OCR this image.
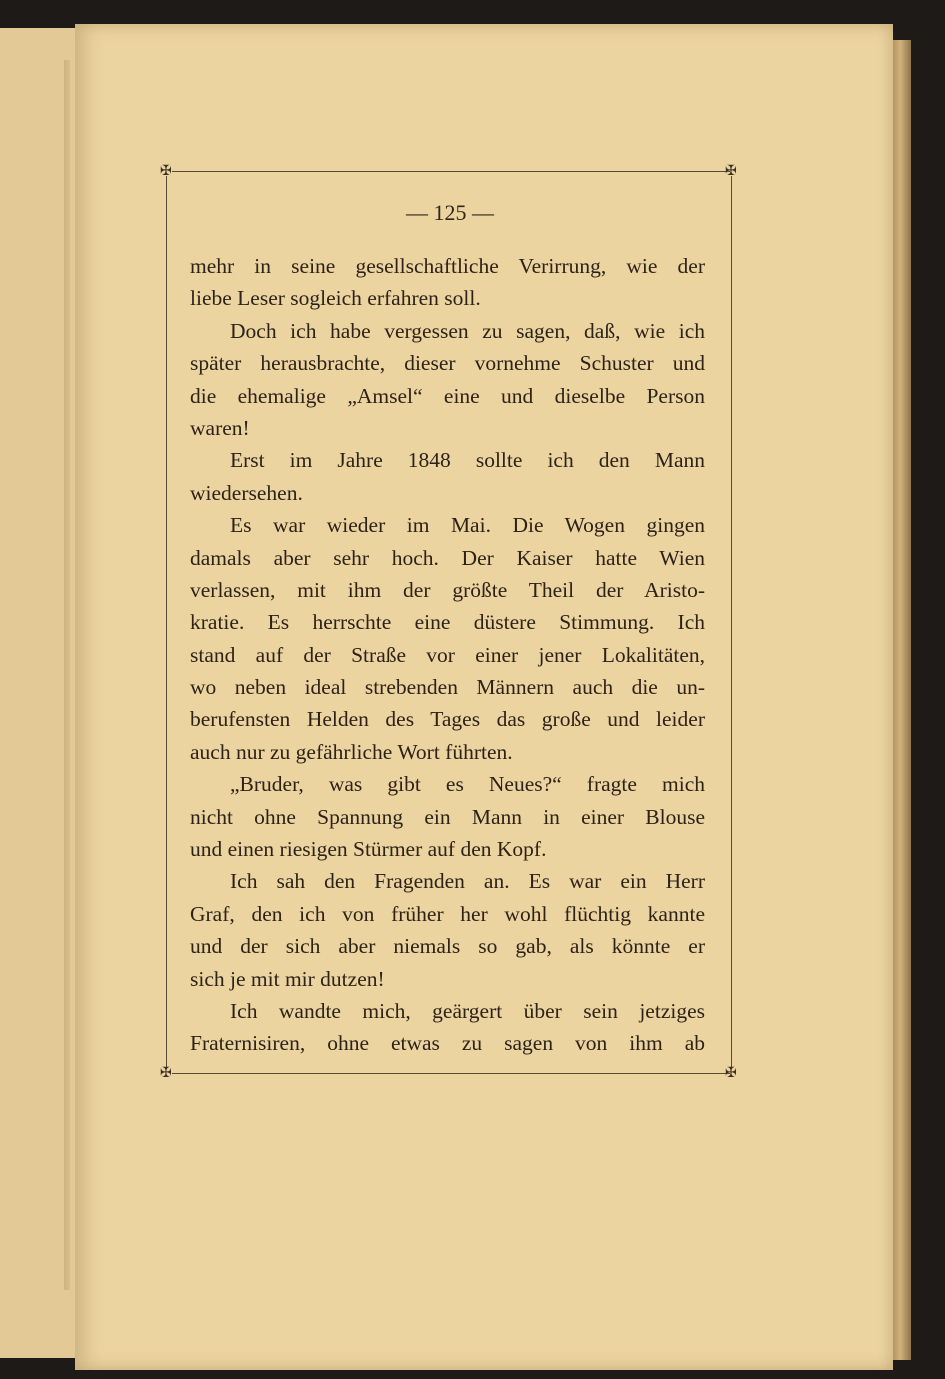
✠	✠
✠	✠
— 125 —
mehr in seine gesellschaftliche Verirrung, wie der
liebe Leser sogleich erfahren soll.
Doch ich habe vergessen zu sagen, daß, wie ich
später herausbrachte, dieser vornehme Schuster und
die ehemalige „Amsel“ eine und dieselbe Person
waren!
Erst im Jahre 1848 sollte ich den Mann
wiedersehen.
Es war wieder im Mai. Die Wogen gingen
damals aber sehr hoch. Der Kaiser hatte Wien
verlassen, mit ihm der größte Theil der Aristo-
kratie. Es herrschte eine düstere Stimmung. Ich
stand auf der Straße vor einer jener Lokalitäten,
wo neben ideal strebenden Männern auch die un-
berufensten Helden des Tages das große und leider
auch nur zu gefährliche Wort führten.
„Bruder, was gibt es Neues?“ fragte mich
nicht ohne Spannung ein Mann in einer Blouse
und einen riesigen Stürmer auf den Kopf.
Ich sah den Fragenden an. Es war ein Herr
Graf, den ich von früher her wohl flüchtig kannte
und der sich aber niemals so gab, als könnte er
sich je mit mir dutzen!
Ich wandte mich, geärgert über sein jetziges
Fraternisiren, ohne etwas zu sagen von ihm ab
